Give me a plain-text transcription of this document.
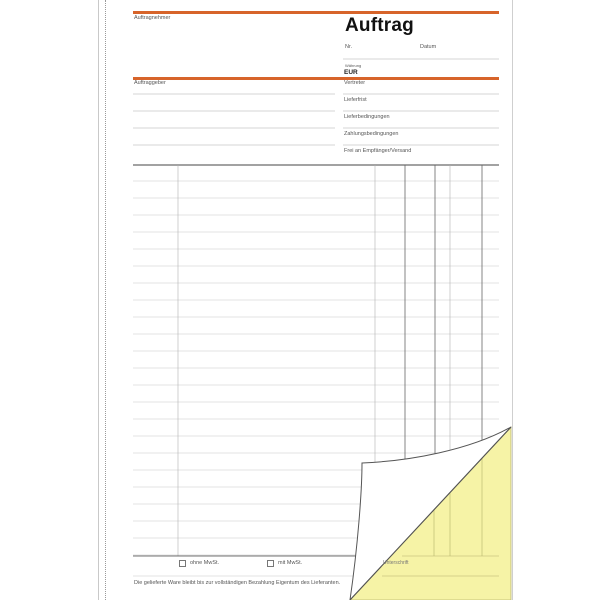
Auftragnehmer	Auftrag
Nr.	Datum
Währung
EUR
Auftraggeber	Vertreter
Lieferfrist
Lieferbedingungen
Zahlungsbedingungen
Frei an Empfänger/Versand
ohne MwSt.	mit MwSt.
Die gelieferte Ware bleibt bis zur vollständigen Bezahlung Eigentum des Lieferanten.
Unterschrift
